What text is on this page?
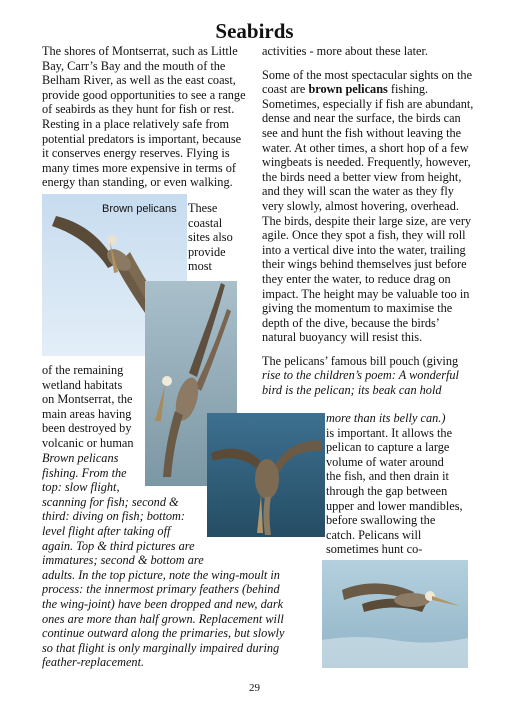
Seabirds
The shores of Montserrat, such as Little Bay, Carr’s Bay and the mouth of the Belham River, as well as the east coast, provide good opportunities to see a range of seabirds as they hunt for fish or rest. Resting in a place relatively safe from potential predators is important, because it conserves energy reserves. Flying is many times more expensive in terms of energy than standing, or even walking.
These
coastal
sites also
provide
most
of the remaining
wetland habitats
on Montserrat, the
main areas having
been destroyed by
volcanic or human
Brown pelicans
fishing. From the
top: slow flight,
scanning for fish; second &
third: diving on fish; bottom:
level flight after taking off
again. Top & third pictures are
immatures; second & bottom are
adults. In the top picture, note the wing-moult in
process: the innermost primary feathers (behind
the wing-joint) have been dropped and new, dark
ones are more than half grown. Replacement will
continue outward along the primaries, but slowly
so that flight is only marginally impaired during
feather-replacement.

activities - more about these later.

Some of the most spectacular sights on the coast are brown pelicans fishing. Sometimes, especially if fish are abundant, dense and near the surface, the birds can see and hunt the fish without leaving the water. At other times, a short hop of a few wingbeats is needed. Frequently, however, the birds need a better view from height, and they will scan the water as they fly very slowly, almost hovering, overhead. The birds, despite their large size, are very agile. Once they spot a fish, they will roll into a vertical dive into the water, trailing their wings behind themselves just before they enter the water, to reduce drag on impact. The height may be valuable too in giving the momentum to maximise the depth of the dive, because the birds’ natural buoyancy will resist this.

The pelicans’ famous bill pouch (giving
rise to the children’s poem: A wonderful
bird is the pelican; its beak can hold
more than its belly can.)
is important. It allows the
pelican to capture a large
volume of water around
the fish, and then drain it
through the gap between
upper and lower mandibles,
before swallowing the
catch. Pelicans will
sometimes hunt co-
Brown pelicans
29
